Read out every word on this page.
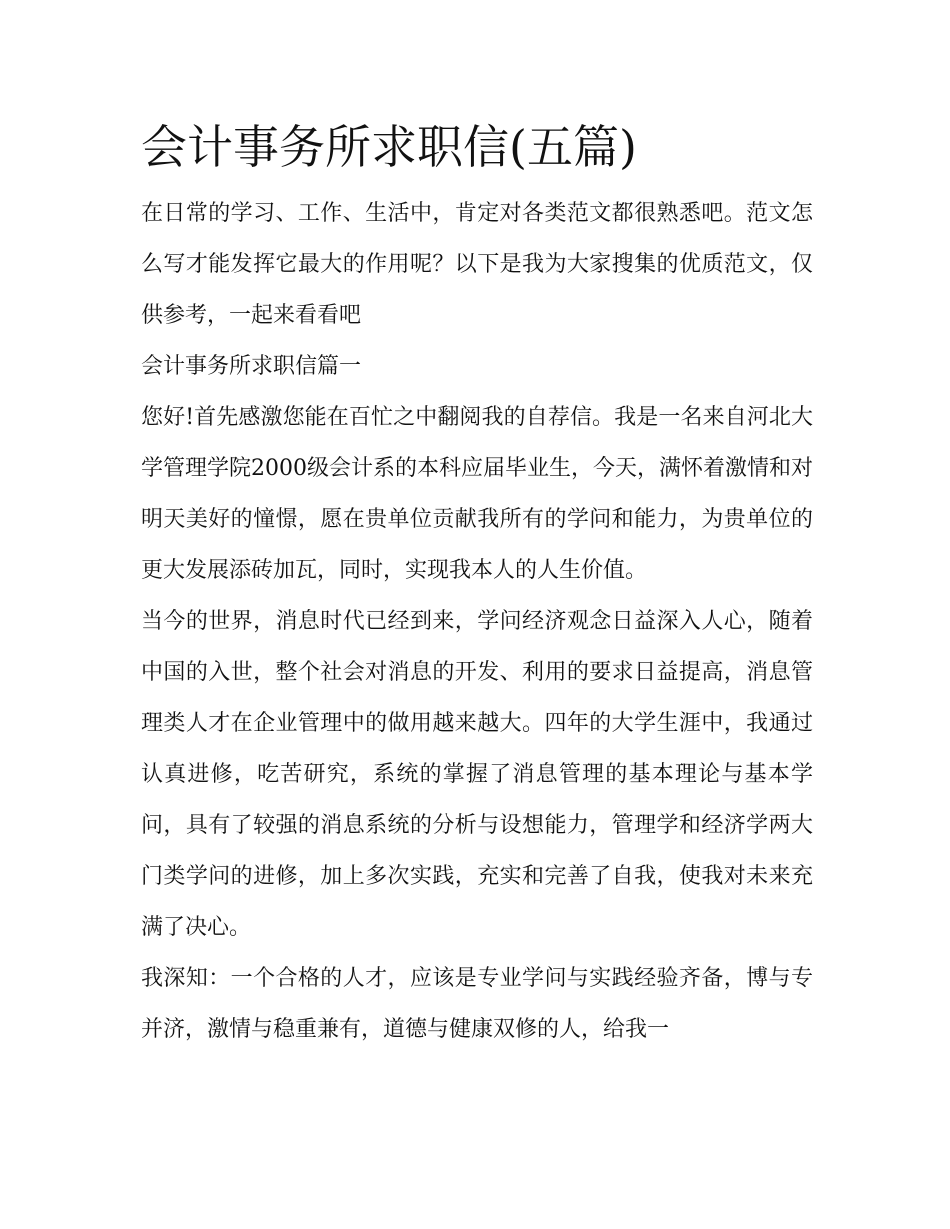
会计事务所求职信(五篇)

在日常的学习、工作、生活中，肯定对各类范文都很熟悉吧。范文怎么写才能发挥它最大的作用呢？以下是我为大家搜集的优质范文，仅供参考，一起来看看吧

会计事务所求职信篇一

您好!首先感激您能在百忙之中翻阅我的自荐信。我是一名来自河北大学管理学院2000级会计系的本科应届毕业生，今天，满怀着激情和对明天美好的憧憬，愿在贵单位贡献我所有的学问和能力，为贵单位的更大发展添砖加瓦，同时，实现我本人的人生价值。

当今的世界，消息时代已经到来，学问经济观念日益深入人心，随着中国的入世，整个社会对消息的开发、利用的要求日益提高，消息管理类人才在企业管理中的做用越来越大。四年的大学生涯中，我通过认真进修，吃苦研究，系统的掌握了消息管理的基本理论与基本学问，具有了较强的消息系统的分析与设想能力，管理学和经济学两大门类学问的进修，加上多次实践，充实和完善了自我，使我对未来充满了决心。

我深知：一个合格的人才，应该是专业学问与实践经验齐备，博与专并济，激情与稳重兼有，道德与健康双修的人，给我一
